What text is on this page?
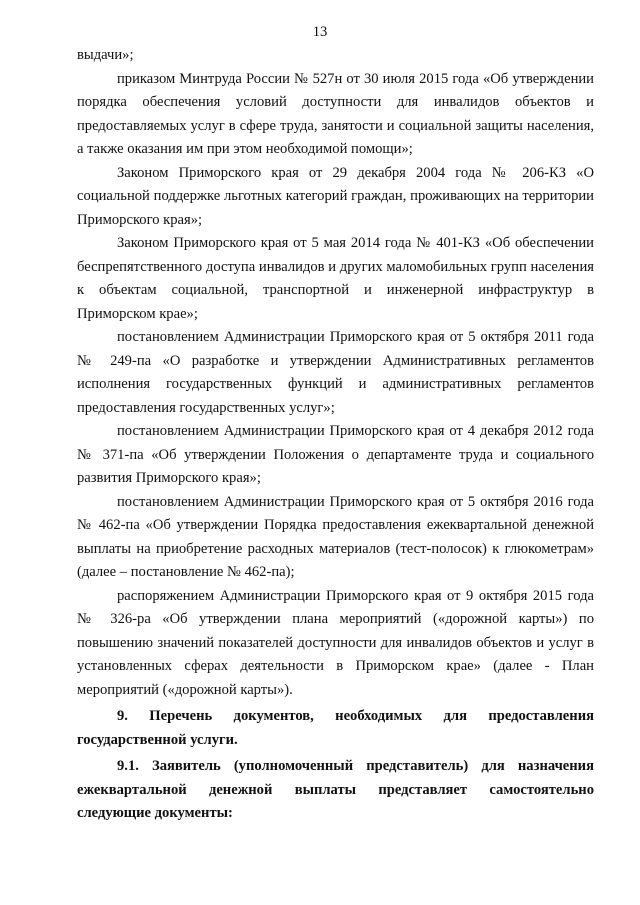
13

выдачи»;

приказом Минтруда России № 527н от 30 июля 2015 года «Об утверждении порядка обеспечения условий доступности для инвалидов объектов и предоставляемых услуг в сфере труда, занятости и социальной защиты населения, а также оказания им при этом необходимой помощи»;

Законом Приморского края от 29 декабря 2004 года № 206-КЗ «О социальной поддержке льготных категорий граждан, проживающих на территории Приморского края»;

Законом Приморского края от 5 мая 2014 года № 401-КЗ «Об обеспечении беспрепятственного доступа инвалидов и других маломобильных групп населения к объектам социальной, транспортной и инженерной инфраструктур в Приморском крае»;

постановлением Администрации Приморского края от 5 октября 2011 года № 249-па «О разработке и утверждении Административных регламентов исполнения государственных функций и административных регламентов предоставления государственных услуг»;

постановлением Администрации Приморского края от 4 декабря 2012 года № 371-па «Об утверждении Положения о департаменте труда и социального развития Приморского края»;

постановлением Администрации Приморского края от 5 октября 2016 года № 462-па «Об утверждении Порядка предоставления ежеквартальной денежной выплаты на приобретение расходных материалов (тест-полосок) к глюкометрам» (далее – постановление № 462-па);

распоряжением Администрации Приморского края от 9 октября 2015 года № 326-ра «Об утверждении плана мероприятий («дорожной карты») по повышению значений показателей доступности для инвалидов объектов и услуг в установленных сферах деятельности в Приморском крае» (далее - План мероприятий («дорожной карты»).

9. Перечень документов, необходимых для предоставления государственной услуги.

9.1. Заявитель (уполномоченный представитель) для назначения ежеквартальной денежной выплаты представляет самостоятельно следующие документы:
